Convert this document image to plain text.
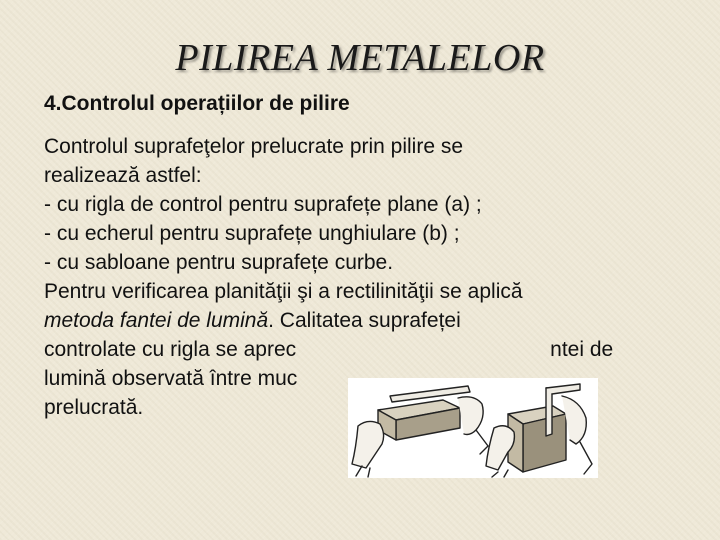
PILIREA METALELOR
4.Controlul operațiilor de pilire
Controlul suprafeţelor prelucrate prin pilire se
realizează astfel:
- cu rigla de control pentru suprafețe plane (a) ;
- cu echerul pentru suprafețe unghiulare (b) ;
- cu sabloane pentru suprafețe curbe.
Pentru verificarea planităţii şi a rectilinităţii se aplică
metoda fantei de lumină. Calitatea suprafeței
controlate cu rigla se aprec	ntei de
lumină observată între muc
prelucrată.
